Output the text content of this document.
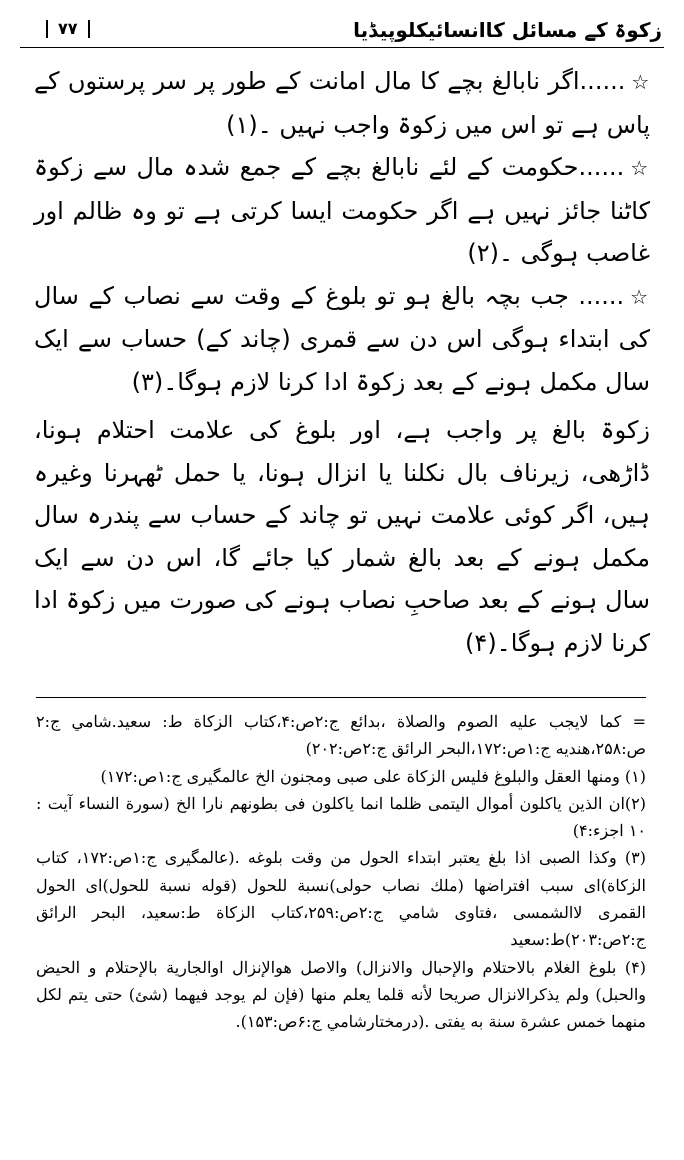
زکوۃ کے مسائل کاانسائیکلوپیڈیا
۷۷

☆......اگر نابالغ بچے کا مال امانت کے طور پر سر پرستوں کے پاس ہے تو اس میں زکوۃ واجب نہیں ۔(۱)

☆......حکومت کے لئے نابالغ بچے کے جمع شدہ مال سے زکوۃ کاٹنا جائز نہیں ہے اگر حکومت ایسا کرتی ہے تو وہ ظالم اور غاصب ہوگی ۔(۲)

☆...... جب بچہ بالغ ہو تو بلوغ کے وقت سے نصاب کے سال کی ابتداء ہوگی اس دن سے قمری (چاند کے) حساب سے ایک سال مکمل ہونے کے بعد زکوۃ ادا کرنا لازم ہوگا۔(۳)

زکوۃ بالغ پر واجب ہے، اور بلوغ کی علامت احتلام ہونا، ڈاڑھی، زیرناف بال نکلنا یا انزال ہونا، یا حمل ٹھہرنا وغیرہ ہیں، اگر کوئی علامت نہیں تو چاند کے حساب سے پندرہ سال مکمل ہونے کے بعد بالغ شمار کیا جائے گا، اس دن سے ایک سال ہونے کے بعد صاحبِ نصاب ہونے کی صورت میں زکوۃ ادا کرنا لازم ہوگا۔(۴)

= كما لايجب عليه الصوم والصلاة ،بدائع ج:۲ص:۴،كتاب الزكاة ط: سعيد.شامي ج:۲ ص:۲۵۸،هنديه ج:۱ص:۱۷۲،البحر الرائق ج:۲ص:۲۰۲)

(۱) ومنها العقل والبلوغ فليس الزكاة على صبى ومجنون الخ عالمگيرى ج:۱ص:۱۷۲)

(۲)ان الذين ياكلون أموال اليتمى ظلما انما ياكلون فى بطونهم نارا الخ (سورة النساء آيت : ۱۰ اجزء:۴)

(۳) وكذا الصبى اذا بلغ يعتبر ابتداء الحول من وقت بلوغه .(عالمگيرى ج:۱ص:۱۷۲، كتاب الزكاة)اى سبب افتراضها (ملك نصاب حولى)نسبة للحول (قوله نسبة للحول)اى الحول القمرى لاالشمسى ،فتاوى شامي ج:۲ص:۲۵۹،كتاب الزكاة ط:سعيد، البحر الرائق ج:۲ص:۲۰۳)ط:سعيد

(۴) بلوغ الغلام بالاحتلام والإحبال والانزال) والاصل هوالإنزال اوالجارية بالإحتلام و الحيض والحبل) ولم يذكرالانزال صريحا لأنه قلما يعلم منها (فإن لم يوجد فيهما (شئ) حتى يتم لكل منهما خمس عشرة سنة به يفتى .(درمختارشامي ج:۶ص:۱۵۳).
